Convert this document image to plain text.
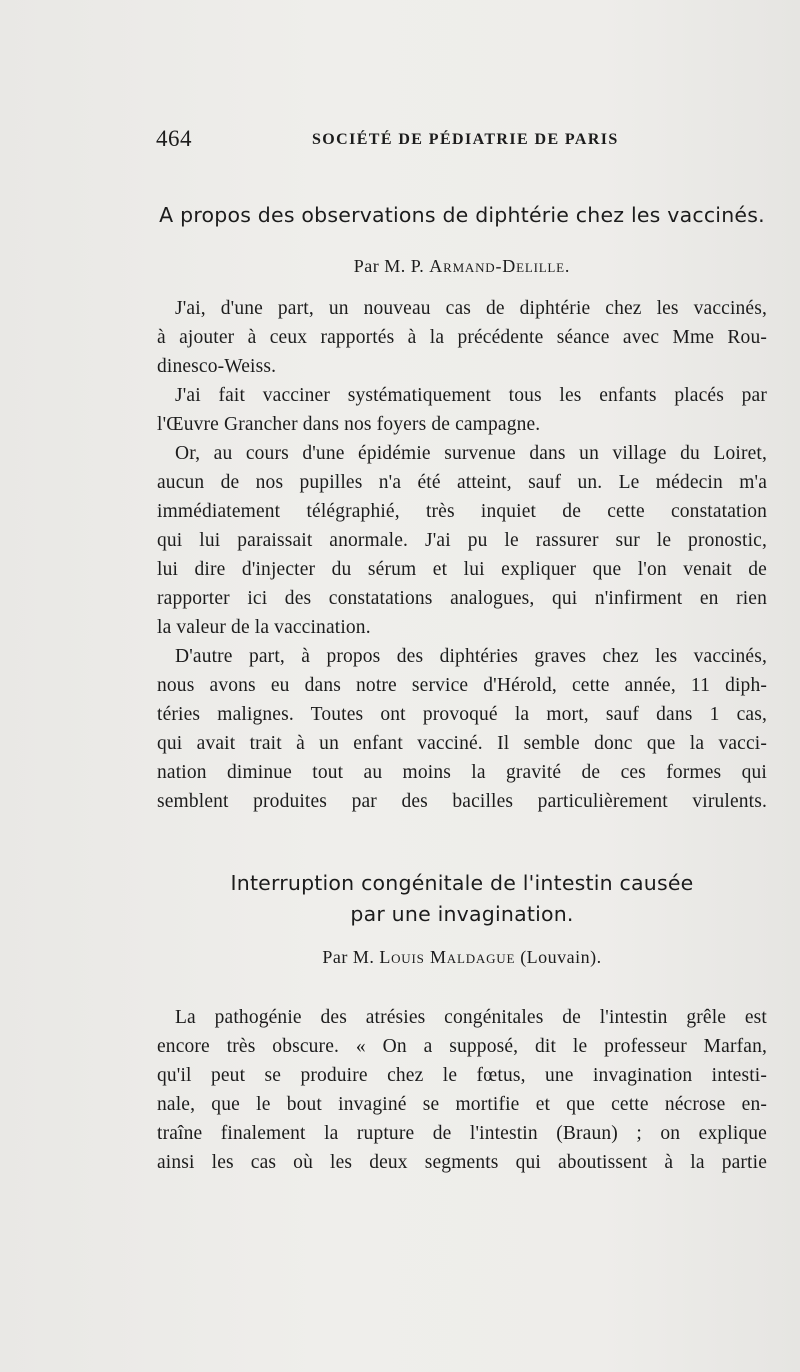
464	SOCIÉTÉ DE PÉDIATRIE DE PARIS
A propos des observations de diphtérie chez les vaccinés.
Par M. P. Armand-Delille.
J'ai, d'une part, un nouveau cas de diphtérie chez les vaccinés,
à ajouter à ceux rapportés à la précédente séance avec Mme Rou-
dinesco-Weiss.
J'ai fait vacciner systématiquement tous les enfants placés par
l'Œuvre Grancher dans nos foyers de campagne.
Or, au cours d'une épidémie survenue dans un village du Loiret,
aucun de nos pupilles n'a été atteint, sauf un. Le médecin m'a
immédiatement télégraphié, très inquiet de cette constatation
qui lui paraissait anormale. J'ai pu le rassurer sur le pronostic,
lui dire d'injecter du sérum et lui expliquer que l'on venait de
rapporter ici des constatations analogues, qui n'infirment en rien
la valeur de la vaccination.
D'autre part, à propos des diphtéries graves chez les vaccinés,
nous avons eu dans notre service d'Hérold, cette année, 11 diph-
téries malignes. Toutes ont provoqué la mort, sauf dans 1 cas,
qui avait trait à un enfant vacciné. Il semble donc que la vacci-
nation diminue tout au moins la gravité de ces formes qui
semblent produites par des bacilles particulièrement virulents.
Interruption congénitale de l'intestin causée
par une invagination.
Par M. Louis Maldague (Louvain).
La pathogénie des atrésies congénitales de l'intestin grêle est
encore très obscure. « On a supposé, dit le professeur Marfan,
qu'il peut se produire chez le fœtus, une invagination intesti-
nale, que le bout invaginé se mortifie et que cette nécrose en-
traîne finalement la rupture de l'intestin (Braun) ; on explique
ainsi les cas où les deux segments qui aboutissent à la partie
